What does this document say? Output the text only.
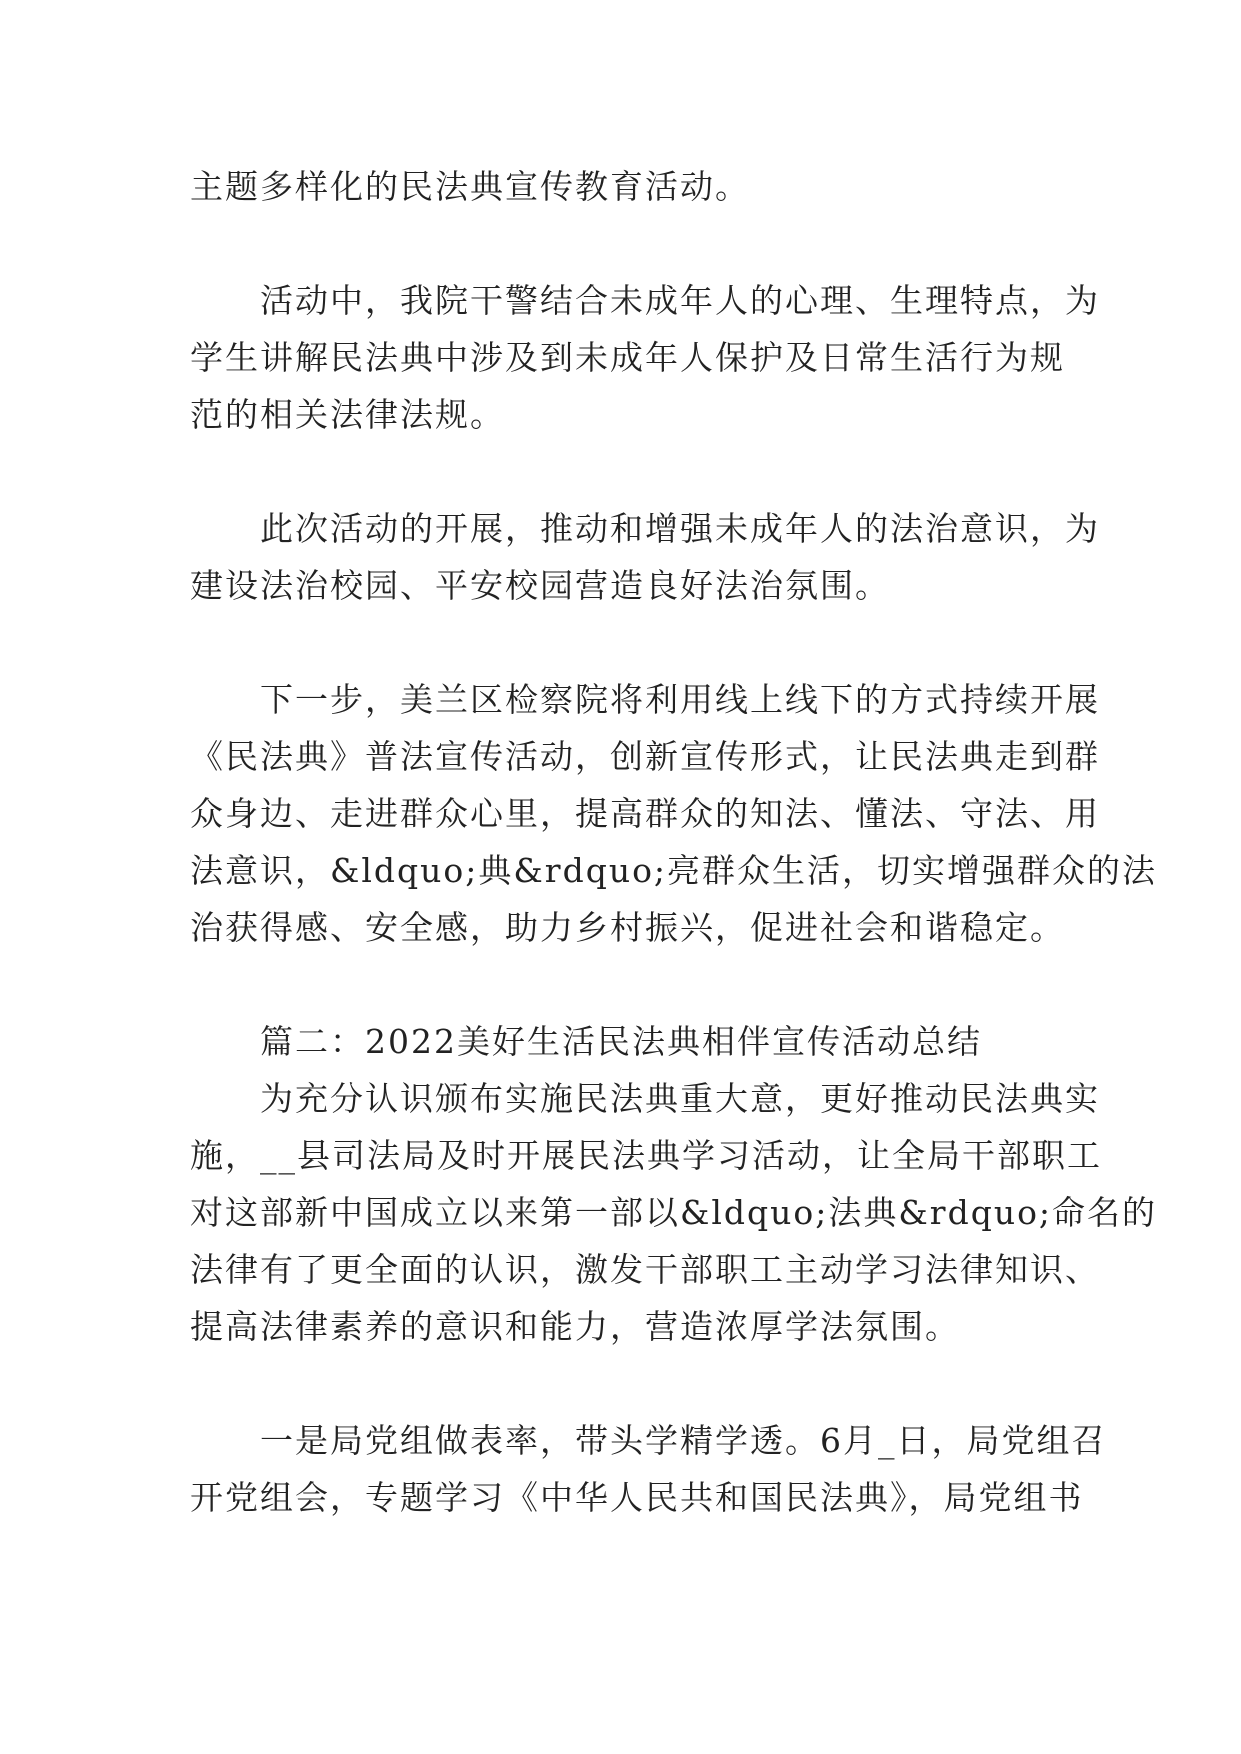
主题多样化的民法典宣传教育活动。
　　活动中，我院干警结合未成年人的心理、生理特点，为
学生讲解民法典中涉及到未成年人保护及日常生活行为规
范的相关法律法规。
　　此次活动的开展，推动和增强未成年人的法治意识，为
建设法治校园、平安校园营造良好法治氛围。
　　下一步，美兰区检察院将利用线上线下的方式持续开展
《民法典》普法宣传活动，创新宣传形式，让民法典走到群
众身边、走进群众心里，提高群众的知法、懂法、守法、用
法意识，&ldquo;典&rdquo;亮群众生活，切实增强群众的法
治获得感、安全感，助力乡村振兴，促进社会和谐稳定。
　　篇二：2022美好生活民法典相伴宣传活动总结
　　为充分认识颁布实施民法典重大意，更好推动民法典实
施，__县司法局及时开展民法典学习活动，让全局干部职工
对这部新中国成立以来第一部以&ldquo;法典&rdquo;命名的
法律有了更全面的认识，激发干部职工主动学习法律知识、
提高法律素养的意识和能力，营造浓厚学法氛围。
　　一是局党组做表率，带头学精学透。6月_日，局党组召
开党组会，专题学习《中华人民共和国民法典》，局党组书
